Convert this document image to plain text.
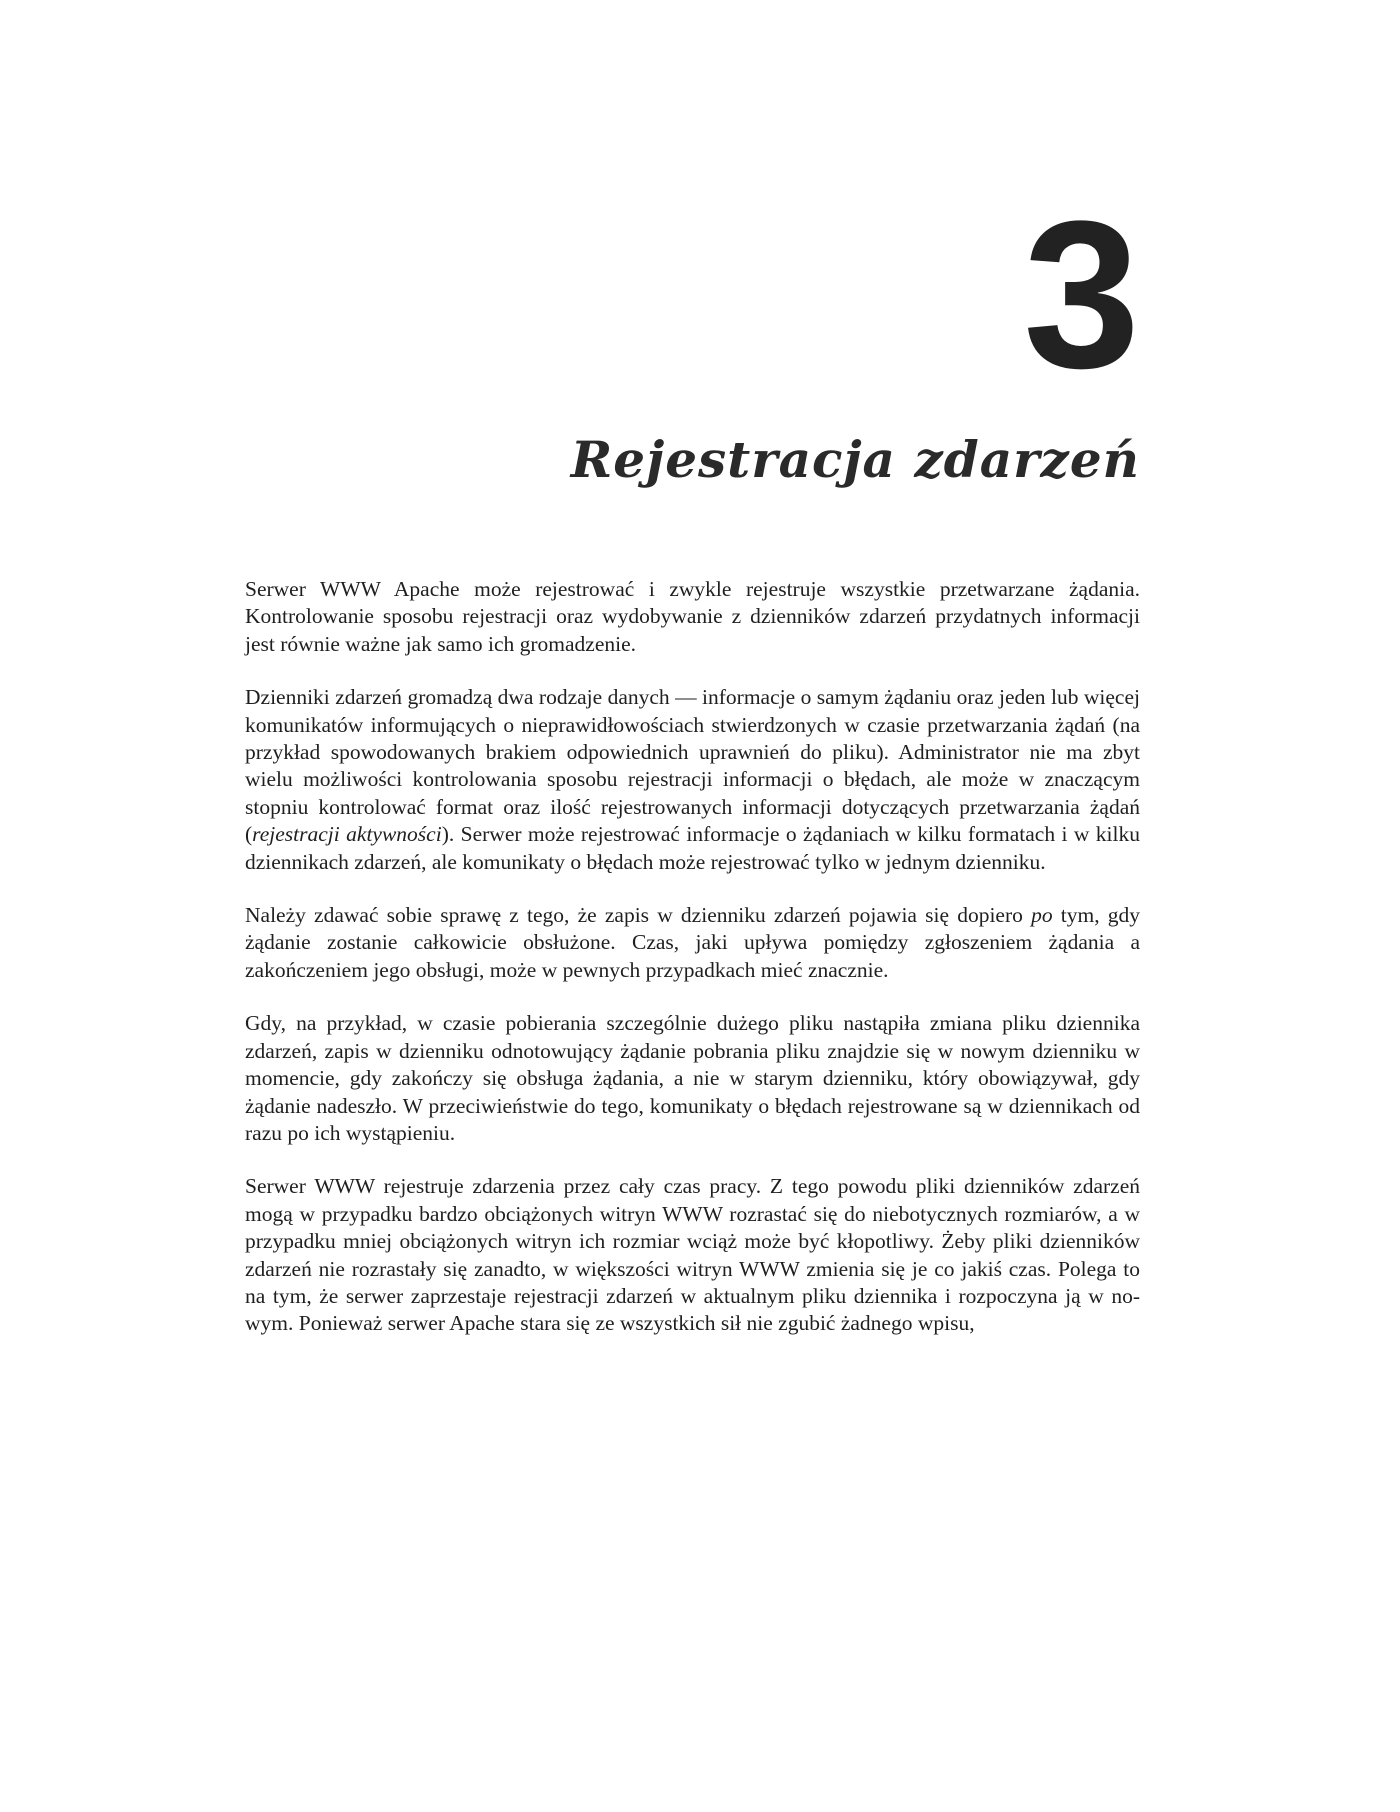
3
Rejestracja zdarzeń

Serwer WWW Apache może rejestrować i zwykle rejestruje wszystkie przetwarzane żądania. Kontrolowanie sposobu rejestracji oraz wydobywanie z dzienników zdarzeń przydatnych informacji jest równie ważne jak samo ich gromadzenie.

Dzienniki zdarzeń gromadzą dwa rodzaje danych — informacje o samym żądaniu oraz jeden lub więcej komunikatów informujących o nieprawidłowościach stwierdzonych w czasie przetwarzania żądań (na przykład spowodowanych brakiem odpowiednich uprawnień do pliku). Administrator nie ma zbyt wielu możliwości kontrolowania sposobu rejestracji informacji o błędach, ale może w znaczącym stopniu kontrolować format oraz ilość rejestrowanych informacji dotyczących przetwarzania żądań (rejestracji aktywności). Serwer może rejestrować informacje o żądaniach w kilku formatach i w kilku dziennikach zdarzeń, ale komunikaty o błędach może rejestrować tylko w jednym dzienniku.

Należy zdawać sobie sprawę z tego, że zapis w dzienniku zdarzeń pojawia się dopiero po tym, gdy żądanie zostanie całkowicie obsłużone. Czas, jaki upływa pomiędzy zgłoszeniem żądania a zakończeniem jego obsługi, może w pewnych przypadkach mieć znacznie.

Gdy, na przykład, w czasie pobierania szczególnie dużego pliku nastąpiła zmiana pliku dziennika zdarzeń, zapis w dzienniku odnotowujący żądanie pobrania pliku znajdzie się w nowym dzienniku w momencie, gdy zakończy się obsługa żądania, a nie w starym dzienniku, który obowiązywał, gdy żądanie nadeszło. W przeciwieństwie do tego, komunikaty o błędach rejestrowane są w dziennikach od razu po ich wystąpieniu.

Serwer WWW rejestruje zdarzenia przez cały czas pracy. Z tego powodu pliki dzienników zdarzeń mogą w przypadku bardzo obciążonych witryn WWW rozrastać się do niebotycznych rozmiarów, a w przypadku mniej obciążonych witryn ich rozmiar wciąż może być kłopotliwy. Żeby pliki dzienników zdarzeń nie rozrastały się zanadto, w większości witryn WWW zmienia się je co jakiś czas. Polega to na tym, że serwer zaprzestaje rejestracji zdarzeń w aktualnym pliku dziennika i rozpoczyna ją w nowym. Ponieważ serwer Apache stara się ze wszystkich sił nie zgubić żadnego wpisu,
